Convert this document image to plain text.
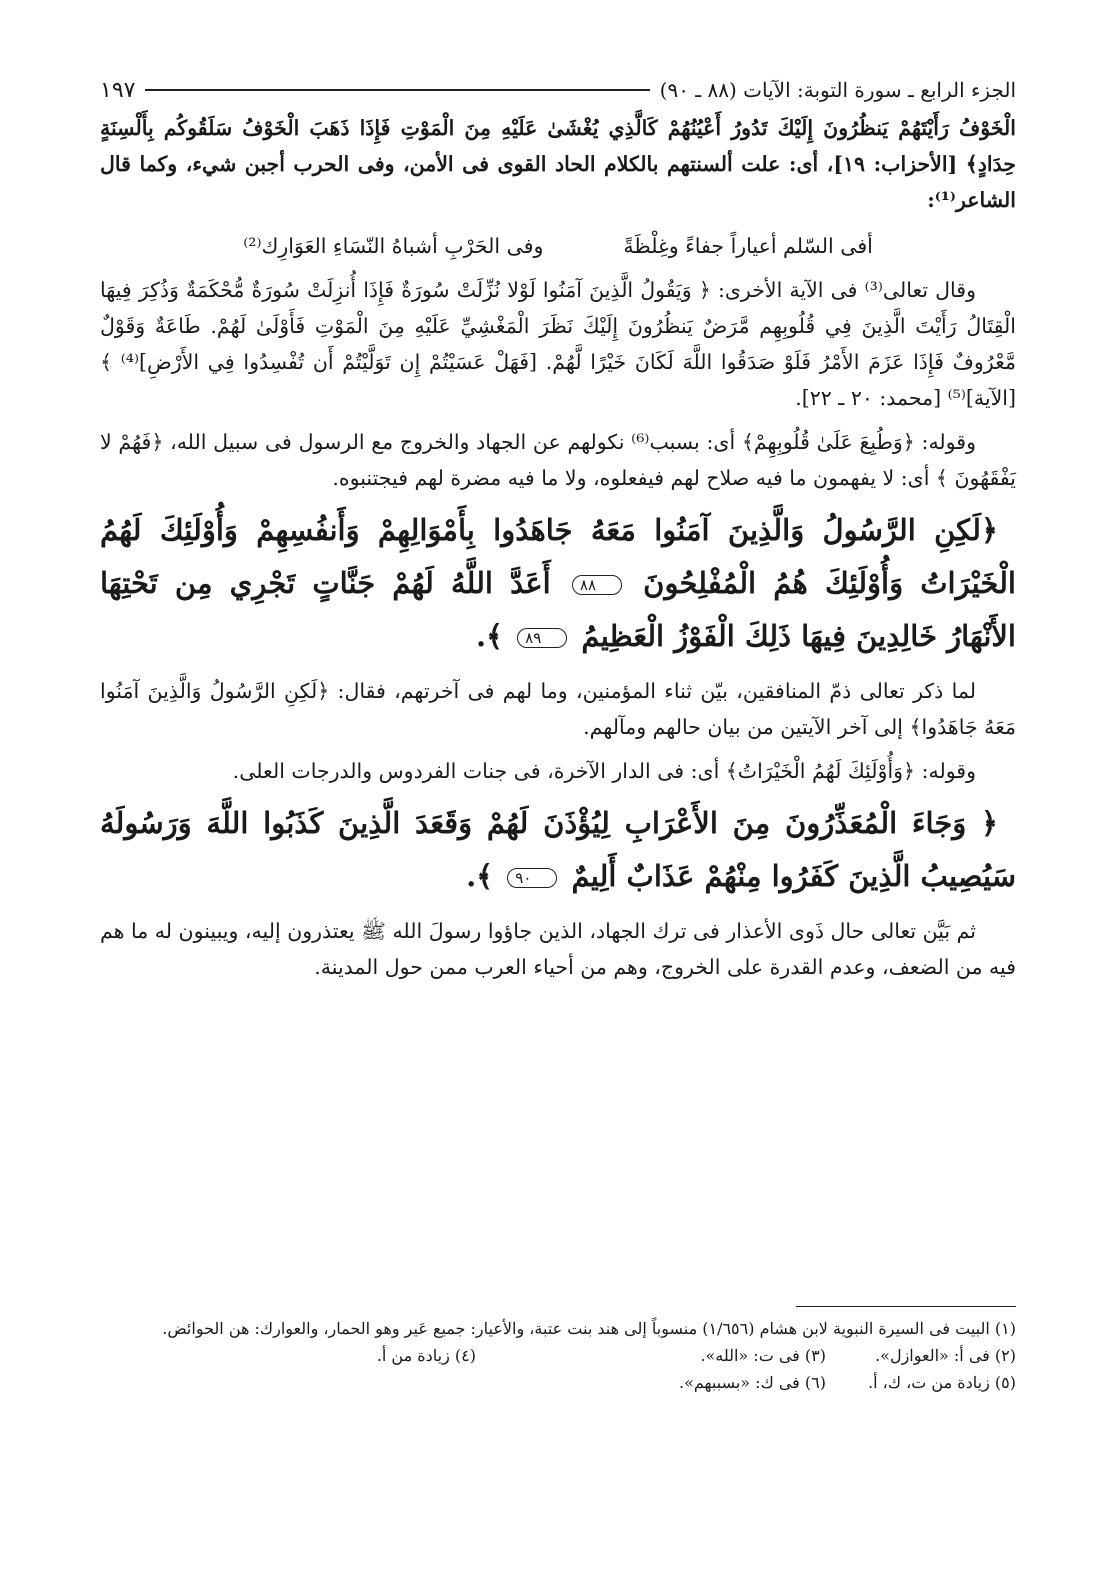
الجزء الرابع ـ سورة التوبة: الآيات (٨٨ ـ ٩٠)
١٩٧

الْخَوْفُ رَأَيْتَهُمْ يَنظُرُونَ إِلَيْكَ تَدُورُ أَعْيُنُهُمْ كَالَّذِي يُغْشَىٰ عَلَيْهِ مِنَ الْمَوْتِ فَإِذَا ذَهَبَ الْخَوْفُ سَلَقُوكُم بِأَلْسِنَةٍ حِدَادٍ﴾ [الأحزاب: ١٩]، أى: علت ألسنتهم بالكلام الحاد القوى فى الأمن، وفى الحرب أجبن شيء، وكما قال الشاعر⁽¹⁾:

أفى السّلم أعياراً جفاءً وغِلْظَةً
وفى الحَرْبِ أشباهُ النّسَاءِ العَوَارِك⁽²⁾

وقال تعالى⁽³⁾ فى الآية الأخرى: ﴿ وَيَقُولُ الَّذِينَ آمَنُوا لَوْلا نُزِّلَتْ سُورَةٌ فَإِذَا أُنزِلَتْ سُورَةٌ مُّحْكَمَةٌ وَذُكِرَ فِيهَا الْقِتَالُ رَأَيْتَ الَّذِينَ فِي قُلُوبِهِم مَّرَضٌ يَنظُرُونَ إِلَيْكَ نَظَرَ الْمَغْشِيِّ عَلَيْهِ مِنَ الْمَوْتِ فَأَوْلَىٰ لَهُمْ. طَاعَةٌ وَقَوْلٌ مَّعْرُوفٌ فَإِذَا عَزَمَ الأَمْرُ فَلَوْ صَدَقُوا اللَّهَ لَكَانَ خَيْرًا لَّهُمْ. [فَهَلْ عَسَيْتُمْ إِن تَوَلَّيْتُمْ أَن تُفْسِدُوا فِي الأَرْضِ]⁽⁴⁾ ﴾ [الآية]⁽⁵⁾ [محمد: ٢٠ ـ ٢٢].

وقوله: ﴿وَطُبِعَ عَلَىٰ قُلُوبِهِمْ﴾ أى: بسبب⁽⁶⁾ نكولهم عن الجهاد والخروج مع الرسول فى سبيل الله، ﴿فَهُمْ لا يَفْقَهُونَ ﴾ أى: لا يفهمون ما فيه صلاح لهم فيفعلوه، ولا ما فيه مضرة لهم فيجتنبوه.

﴿لَكِنِ الرَّسُولُ وَالَّذِينَ آمَنُوا مَعَهُ جَاهَدُوا بِأَمْوَالِهِمْ وَأَنفُسِهِمْ وَأُوْلَئِكَ لَهُمُ الْخَيْرَاتُ وَأُوْلَئِكَ هُمُ الْمُفْلِحُونَ ٨٨ أَعَدَّ اللَّهُ لَهُمْ جَنَّاتٍ تَجْرِي مِن تَحْتِهَا الأَنْهَارُ خَالِدِينَ فِيهَا ذَلِكَ الْفَوْزُ الْعَظِيمُ ٨٩ ﴾.

لما ذكر تعالى ذمّ المنافقين، بيّن ثناء المؤمنين، وما لهم فى آخرتهم، فقال: ﴿لَكِنِ الرَّسُولُ وَالَّذِينَ آمَنُوا مَعَهُ جَاهَدُوا﴾ إلى آخر الآيتين من بيان حالهم ومآلهم.

وقوله: ﴿وَأُوْلَئِكَ لَهُمُ الْخَيْرَاتُ﴾ أى: فى الدار الآخرة، فى جنات الفردوس والدرجات العلى.

﴿ وَجَاءَ الْمُعَذِّرُونَ مِنَ الأَعْرَابِ لِيُؤْذَنَ لَهُمْ وَقَعَدَ الَّذِينَ كَذَبُوا اللَّهَ وَرَسُولَهُ سَيُصِيبُ الَّذِينَ كَفَرُوا مِنْهُمْ عَذَابٌ أَلِيمٌ ٩٠ ﴾.

ثم بَيَّن تعالى حال ذَوى الأعذار فى ترك الجهاد، الذين جاؤوا رسولَ الله ﷺ يعتذرون إليه، ويبينون له ما هم فيه من الضعف، وعدم القدرة على الخروج، وهم من أحياء العرب ممن حول المدينة.

(١) البيت فى السيرة النبوية لابن هشام (١/٦٥٦) منسوباً إلى هند بنت عتبة، والأعيار: جميع عَير وهو الحمار، والعوارك: هن الحوائض.

(٢) فى أ: «العوازل».
(٣) فى ت: «الله».
(٤) زيادة من أ.
(٥) زيادة من ت، ك، أ.
(٦) فى ك: «بسببهم».
